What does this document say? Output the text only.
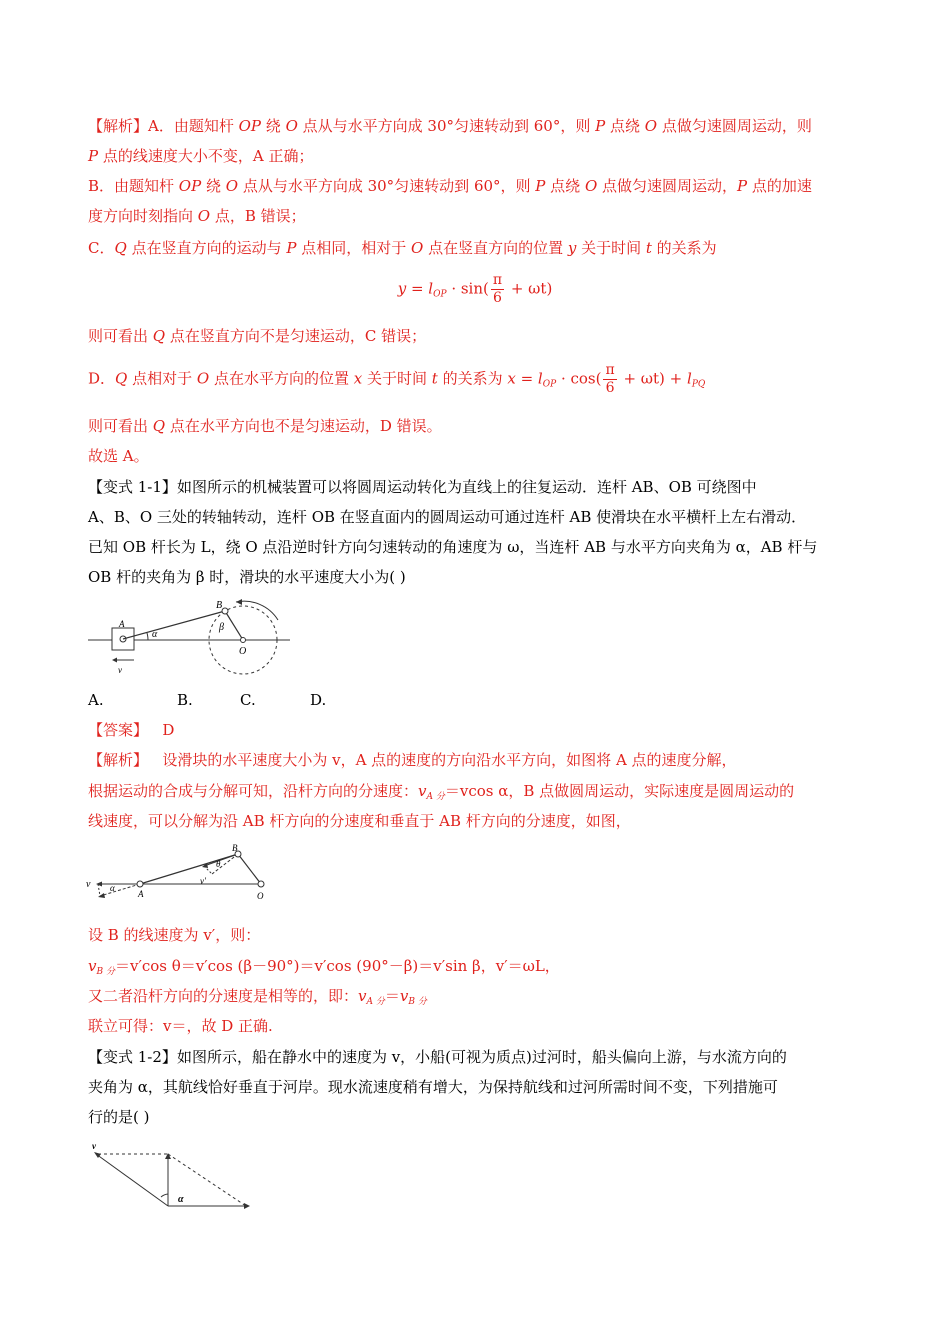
【解析】A．由题知杆 OP 绕 O 点从与水平方向成 30°匀速转动到 60°，则 P 点绕 O 点做匀速圆周运动，则
P 点的线速度大小不变，A 正确；
B．由题知杆 OP 绕 O 点从与水平方向成 30°匀速转动到 60°，则 P 点绕 O 点做匀速圆周运动，P 点的加速
度方向时刻指向 O 点，B 错误；
C．Q 点在竖直方向的运动与 P 点相同，相对于 O 点在竖直方向的位置 y 关于时间 t 的关系为
$y = l_{OP} \cdot \sin( \frac{\pi}{6} + \omega t)$
则可看出 Q 点在竖直方向不是匀速运动，C 错误；
D．Q 点相对于 O 点在水平方向的位置 x 关于时间 t 的关系为 $x = l_{OP} \cdot \cos( \frac{\pi}{6} + \omega t) + l_{PQ}$
则可看出 Q 点在水平方向也不是匀速运动，D 错误。
故选 A。
【变式 1-1】如图所示的机械装置可以将圆周运动转化为直线上的往复运动．连杆 AB、OB 可绕图中
A、B、O 三处的转轴转动，连杆 OB 在竖直面内的圆周运动可通过连杆 AB 使滑块在水平横杆上左右滑动．
已知 OB 杆长为 L，绕 O 点沿逆时针方向匀速转动的角速度为 ω，当连杆 AB 与水平方向夹角为 α，AB 杆与
OB 杆的夹角为 β 时，滑块的水平速度大小为( )
A
B
O
α
β
v
A.	B.	C.	D.
【答案】 D
【解析】 设滑块的水平速度大小为 v，A 点的速度的方向沿水平方向，如图将 A 点的速度分解，
根据运动的合成与分解可知，沿杆方向的分速度：$v_{A 分}=vcos$ α，B 点做圆周运动，实际速度是圆周运动的
线速度，可以分解为沿 AB 杆方向的分速度和垂直于 AB 杆方向的分速度，如图，
v α
A
B
O
θ
v′
设 B 的线速度为 v′，则：
$v_{B 分}=v'\cos$ θ＝v′cos (β－90°)＝v′cos (90°－β)＝v′sin β，v′＝ωL，
又二者沿杆方向的分速度是相等的，即：$v_{A 分}=v_{B 分}$
联立可得：v＝，故 D 正确.
【变式 1-2】如图所示，船在静水中的速度为 v，小船(可视为质点)过河时，船头偏向上游，与水流方向的
夹角为 α，其航线恰好垂直于河岸。现水流速度稍有增大，为保持航线和过河所需时间不变，下列措施可
行的是( )
v
α
